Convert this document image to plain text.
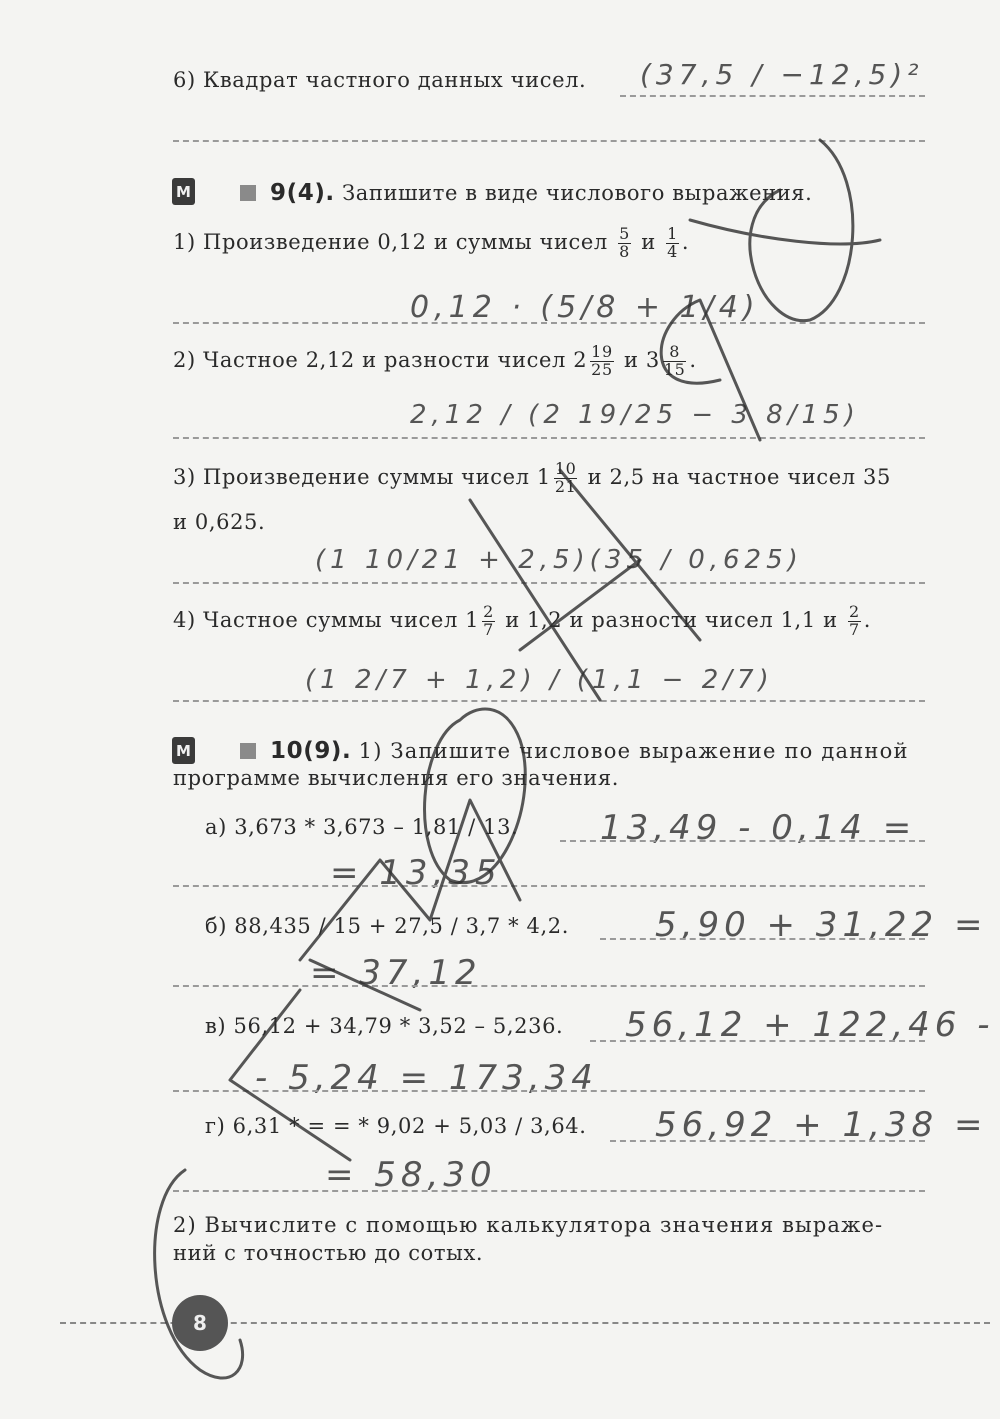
6) Квадрат частного данных чисел. (37,5 / −12,5)²
М	9(4). Запишите в виде числового выражения.
1) Произведение 0,12 и суммы чисел $\frac{5}{8}$ и $\frac{1}{4}$ .
0,12 · (5/8 + 1/4)
2) Частное 2,12 и разности чисел $2 \frac{19}{25}$ и $3 \frac{8}{15}$ .
2,12 / (2 19/25 − 3 8/15)
3) Произведение суммы чисел $1 \frac{10}{21}$ и 2,5 на частное чисел 35
и 0,625.
(1 10/21 + 2,5)(35 / 0,625)
4) Частное суммы чисел $1 \frac{2}{7}$ и 1,2 и разности чисел 1,1 и $\frac{2}{7}$ .
(1 2/7 + 1,2) / (1,1 − 2/7)
М	10(9). 1) Запишите числовое выражение по данной
программе вычисления его значения.
а) 3,673 * 3,673 – 1,81 / 13. 13,49 - 0,14 =
= 13,35
б) 88,435 / 15 + 27,5 / 3,7 * 4,2.	5,90 + 31,22 =
= 37,12
в) 56,12 + 34,79 * 3,52 – 5,236. 56,12 + 122,46 -
- 5,24 = 173,34
г) 6,31 * = = * 9,02 + 5,03 / 3,64. 56,92 + 1,38 =
= 58,30
2) Вычислите с помощью калькулятора значения выраже-
ний с точностью до сотых.
8
